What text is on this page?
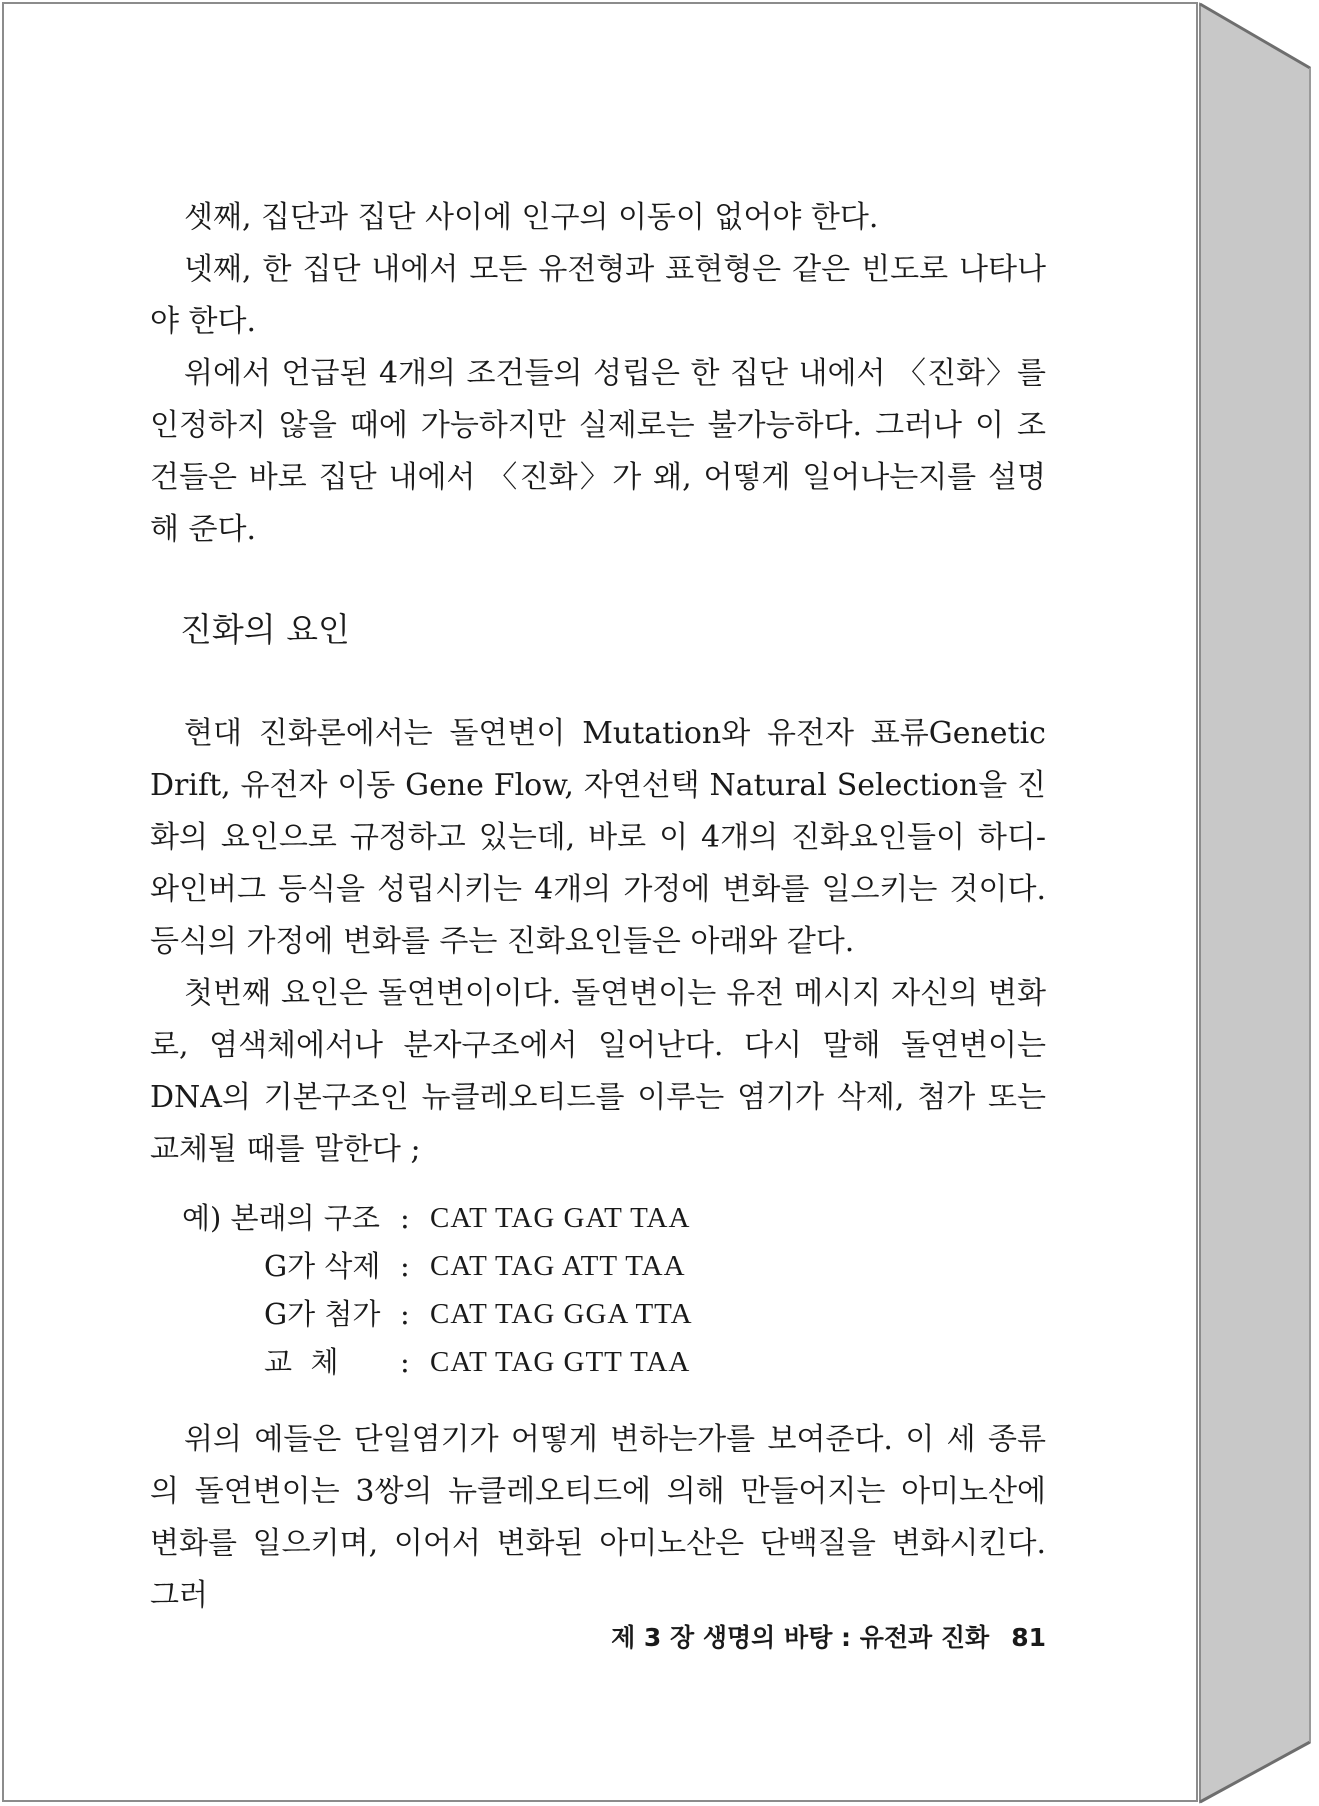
셋째, 집단과 집단 사이에 인구의 이동이 없어야 한다.

넷째, 한 집단 내에서 모든 유전형과 표현형은 같은 빈도로 나타나야 한다.

위에서 언급된 4개의 조건들의 성립은 한 집단 내에서 〈진화〉를 인정하지 않을 때에 가능하지만 실제로는 불가능하다. 그러나 이 조건들은 바로 집단 내에서 〈진화〉가 왜, 어떻게 일어나는지를 설명해 준다.

진화의 요인

현대 진화론에서는 돌연변이 Mutation와 유전자 표류Genetic Drift, 유전자 이동 Gene Flow, 자연선택 Natural Selection을 진화의 요인으로 규정하고 있는데, 바로 이 4개의 진화요인들이 하디-와인버그 등식을 성립시키는 4개의 가정에 변화를 일으키는 것이다. 등식의 가정에 변화를 주는 진화요인들은 아래와 같다.

첫번째 요인은 돌연변이이다. 돌연변이는 유전 메시지 자신의 변화로, 염색체에서나 분자구조에서 일어난다. 다시 말해 돌연변이는 DNA의 기본구조인 뉴클레오티드를 이루는 염기가 삭제, 첨가 또는 교체될 때를 말한다 ;

예) 본래의 구조 : CAT TAG GAT TAA
G가 삭제 : CAT TAG ATT TAA
G가 첨가 : CAT TAG GGA TTA
교  체	: CAT TAG GTT TAA

위의 예들은 단일염기가 어떻게 변하는가를 보여준다. 이 세 종류의 돌연변이는 3쌍의 뉴클레오티드에 의해 만들어지는 아미노산에 변화를 일으키며, 이어서 변화된 아미노산은 단백질을 변화시킨다. 그러

제 3 장 생명의 바탕 : 유전과 진화 81
